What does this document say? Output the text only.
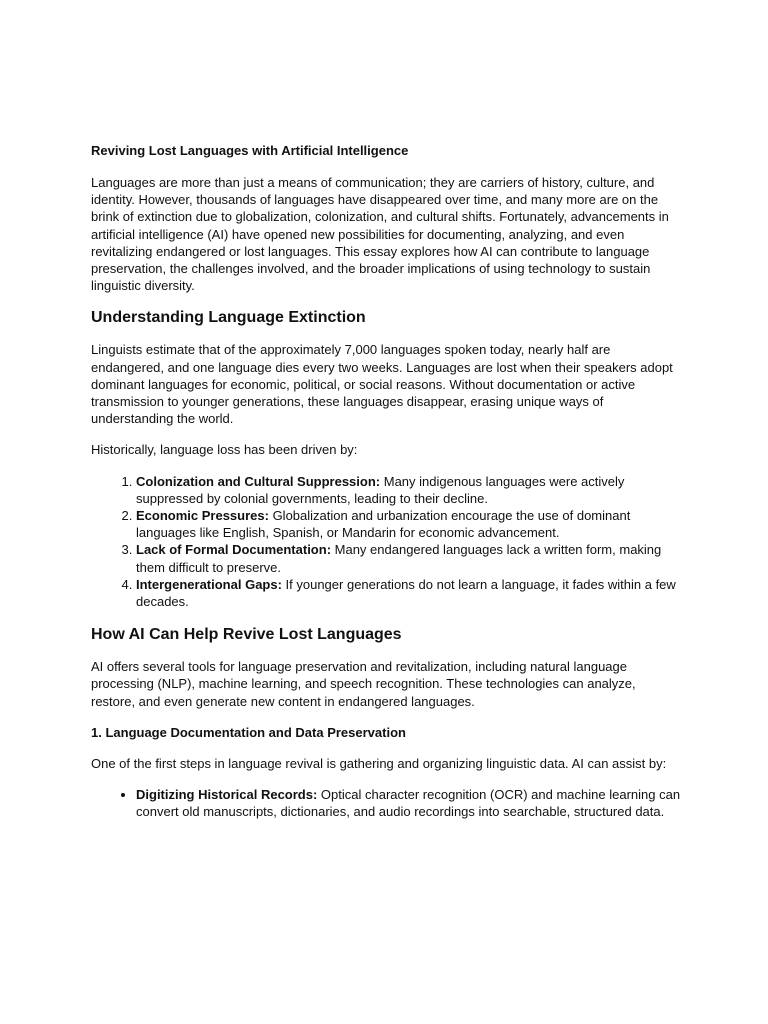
Reviving Lost Languages with Artificial Intelligence

Languages are more than just a means of communication; they are carriers of history, culture, and identity. However, thousands of languages have disappeared over time, and many more are on the brink of extinction due to globalization, colonization, and cultural shifts. Fortunately, advancements in artificial intelligence (AI) have opened new possibilities for documenting, analyzing, and even revitalizing endangered or lost languages. This essay explores how AI can contribute to language preservation, the challenges involved, and the broader implications of using technology to sustain linguistic diversity.

Understanding Language Extinction

Linguists estimate that of the approximately 7,000 languages spoken today, nearly half are endangered, and one language dies every two weeks. Languages are lost when their speakers adopt dominant languages for economic, political, or social reasons. Without documentation or active transmission to younger generations, these languages disappear, erasing unique ways of understanding the world.

Historically, language loss has been driven by:

1. Colonization and Cultural Suppression: Many indigenous languages were actively suppressed by colonial governments, leading to their decline.
2. Economic Pressures: Globalization and urbanization encourage the use of dominant languages like English, Spanish, or Mandarin for economic advancement.
3. Lack of Formal Documentation: Many endangered languages lack a written form, making them difficult to preserve.
4. Intergenerational Gaps: If younger generations do not learn a language, it fades within a few decades.
How AI Can Help Revive Lost Languages

AI offers several tools for language preservation and revitalization, including natural language processing (NLP), machine learning, and speech recognition. These technologies can analyze, restore, and even generate new content in endangered languages.

1. Language Documentation and Data Preservation

One of the first steps in language revival is gathering and organizing linguistic data. AI can assist by:

• Digitizing Historical Records: Optical character recognition (OCR) and machine learning can convert old manuscripts, dictionaries, and audio recordings into searchable, structured data.
